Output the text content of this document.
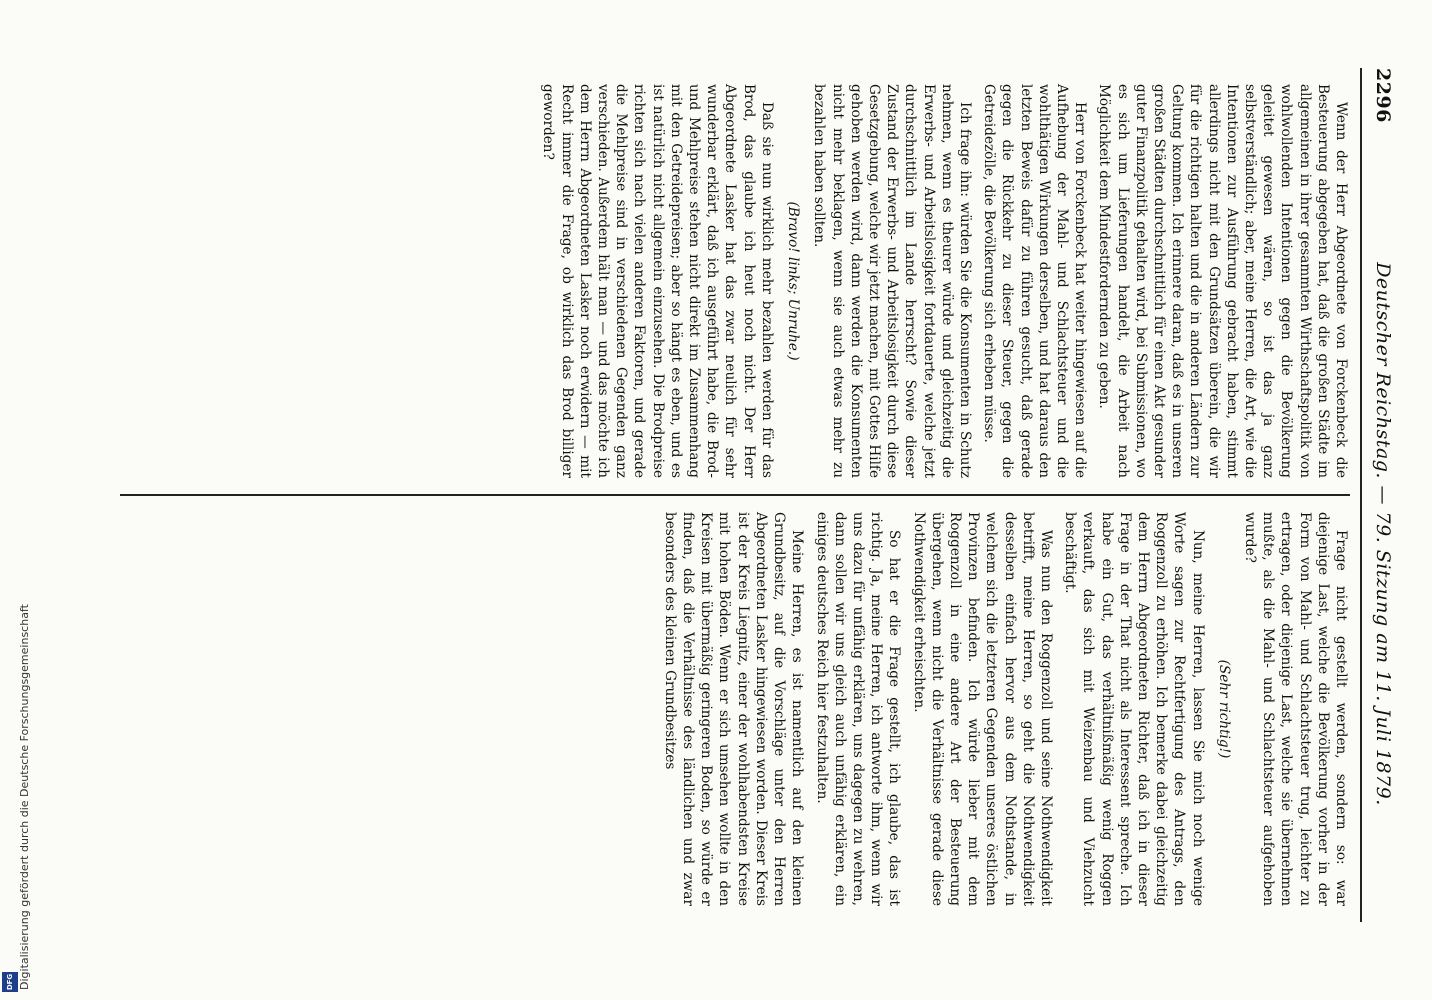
2296
Deutscher Reichstag. — 79. Sitzung am 11. Juli 1879.

Wenn der Herr Abgeordnete von Forckenbeck die Besteuerung abgegeben hat, daß die großen Städte im allgemeinen in ihrer gesammten Wirthschaftspolitik von wohlwollenden Intentionen gegen die Bevölkerung geleitet gewesen wären, so ist das ja ganz selbstverständlich; aber, meine Herren, die Art, wie die Intentionen zur Ausführung gebracht haben, stimmt allerdings nicht mit den Grundsätzen überein, die wir für die richtigen halten und die in anderen Ländern zur Geltung kommen. Ich erinnere daran, daß es in unseren großen Städten durchschnittlich für einen Akt gesunder guter Finanzpolitik gehalten wird, bei Submissionen, wo es sich um Lieferungen handelt, die Arbeit nach Möglichkeit dem Mindestfordernden zu geben.

Herr von Forckenbeck hat weiter hingewiesen auf die Aufhebung der Mahl- und Schlachtsteuer und die wohlthätigen Wirkungen derselben, und hat daraus den letzten Beweis dafür zu führen gesucht, daß gerade gegen die Rückkehr zu dieser Steuer, gegen die Getreidezölle, die Bevölkerung sich erheben müsse.

Ich frage ihn: würden Sie die Konsumenten in Schutz nehmen, wenn es theurer würde und gleichzeitig die Erwerbs- und Arbeitslosigkeit fortdauerte, welche jetzt durchschnittlich im Lande herrscht? Sowie dieser Zustand der Erwerbs- und Arbeitslosigkeit durch diese Gesetzgebung, welche wir jetzt machen, mit Gottes Hilfe gehoben werden wird, dann werden die Konsumenten nicht mehr beklagen, wenn sie auch etwas mehr zu bezahlen haben sollten.

(Bravo! links; Unruhe.)

Daß sie nun wirklich mehr bezahlen werden für das Brod, das glaube ich heut noch nicht. Der Herr Abgeordnete Lasker hat das zwar neulich für sehr wunderbar erklärt, daß ich ausgeführt habe, die Brod- und Mehlpreise stehen nicht direkt im Zusammenhang mit den Getreidepreisen; aber so hängt es eben, und es ist natürlich nicht allgemein einzusehen. Die Brodpreise richten sich nach vielen anderen Faktoren, und gerade die Mehlpreise sind in verschiedenen Gegenden ganz verschieden. Außerdem hält man — und das möchte ich dem Herrn Abgeordneten Lasker noch erwidern — mit Recht immer die Frage, ob wirklich das Brod billiger geworden?

Frage nicht gestellt werden, sondern so: war diejenige Last, welche die Bevölkerung vorher in der Form von Mahl- und Schlachtsteuer trug, leichter zu ertragen, oder diejenige Last, welche sie übernehmen mußte, als die Mahl- und Schlachtsteuer aufgehoben wurde?

(Sehr richtig!)

Nun, meine Herren, lassen Sie mich noch wenige Worte sagen zur Rechtfertigung des Antrags, den Roggenzoll zu erhöhen. Ich bemerke dabei gleichzeitig dem Herrn Abgeordneten Richter, daß ich in dieser Frage in der That nicht als Interessent spreche. Ich habe ein Gut, das verhältnißmäßig wenig Roggen verkauft, das sich mit Weizenbau und Viehzucht beschäftigt.

Was nun den Roggenzoll und seine Nothwendigkeit betrifft, meine Herren, so geht die Nothwendigkeit desselben einfach hervor aus dem Nothstande, in welchem sich die letzteren Gegenden unseres östlichen Provinzen befinden. Ich würde lieber mit dem Roggenzoll in eine andere Art der Besteuerung übergehen, wenn nicht die Verhältnisse gerade diese Nothwendigkeit erheischten.

So hat er die Frage gestellt, ich glaube, das ist richtig. Ja, meine Herren, ich antworte ihm, wenn wir uns dazu für unfähig erklären, uns dagegen zu wehren, dann sollen wir uns gleich auch unfähig erklären, ein einiges deutsches Reich hier festzuhalten.

Meine Herren, es ist namentlich auf den kleinen Grundbesitz, auf die Vorschläge unter den Herren Abgeordneten Lasker hingewiesen worden. Dieser Kreis ist der Kreis Liegnitz, einer der wohlhabendsten Kreise mit hohen Böden. Wenn er sich umsehen wollte in den Kreisen mit übermäßig geringeren Boden, so würde er finden, daß die Verhältnisse des ländlichen und zwar besonders des kleinen Grundbesitzes

Digitalisierung gefördert durch die Deutsche Forschungsgemeinschaft
DFG
